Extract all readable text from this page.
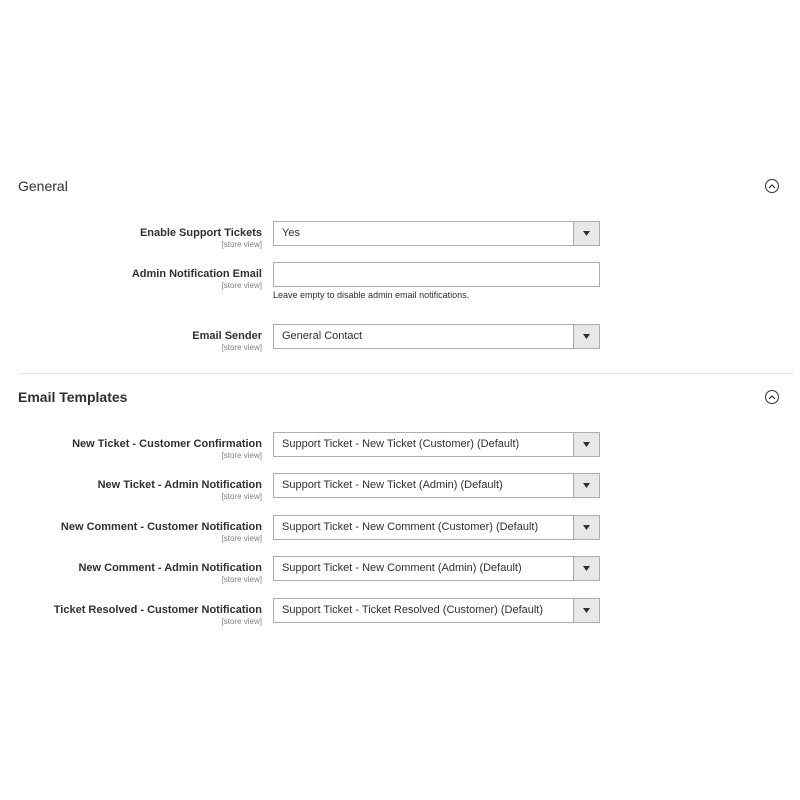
General
Enable Support Tickets
[store view]
Yes
Admin Notification Email
[store view]
Leave empty to disable admin email notifications.
Email Sender
[store view]
General Contact
Email Templates
New Ticket - Customer Confirmation
[store view]
Support Ticket - New Ticket (Customer) (Default)
New Ticket - Admin Notification
[store view]
Support Ticket - New Ticket (Admin) (Default)
New Comment - Customer Notification
[store view]
Support Ticket - New Comment (Customer) (Default)
New Comment - Admin Notification
[store view]
Support Ticket - New Comment (Admin) (Default)
Ticket Resolved - Customer Notification
[store view]
Support Ticket - Ticket Resolved (Customer) (Default)
